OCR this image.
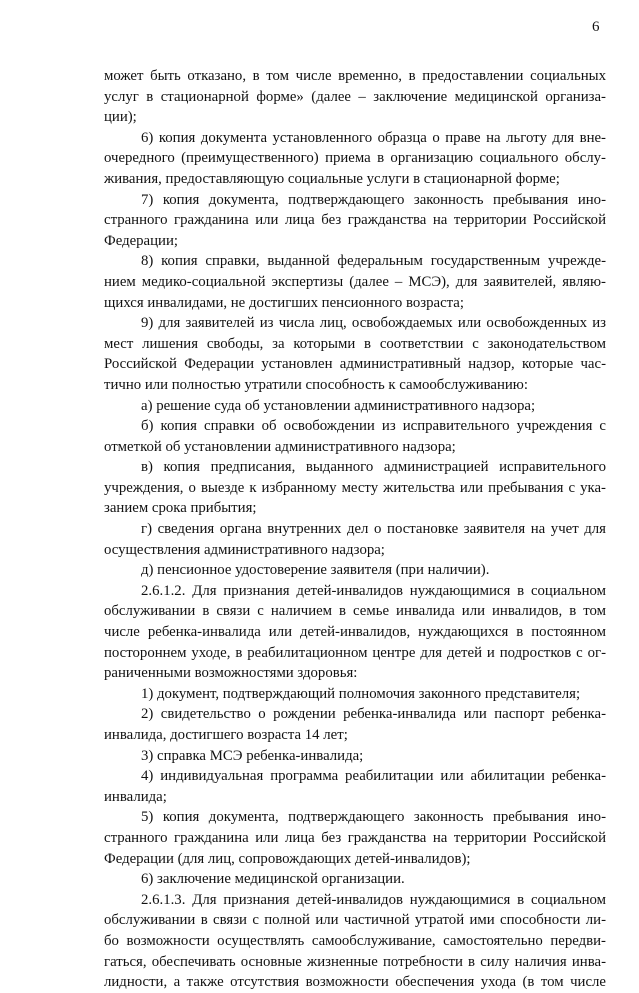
6
может быть отказано, в том числе временно, в предоставлении социальных
услуг в стационарной форме» (далее – заключение медицинской организа-
ции);
6) копия документа установленного образца о праве на льготу для вне-
очередного (преимущественного) приема в организацию социального обслу-
живания, предоставляющую социальные услуги в стационарной форме;
7) копия документа, подтверждающего законность пребывания ино-
странного гражданина или лица без гражданства на территории Российской
Федерации;
8) копия справки, выданной федеральным государственным учрежде-
нием медико-социальной экспертизы (далее – МСЭ), для заявителей, являю-
щихся инвалидами, не достигших пенсионного возраста;
9) для заявителей из числа лиц, освобождаемых или освобожденных из
мест лишения свободы, за которыми в соответствии с законодательством
Российской Федерации установлен административный надзор, которые час-
тично или полностью утратили способность к самообслуживанию:
а) решение суда об установлении административного надзора;
б) копия справки об освобождении из исправительного учреждения с
отметкой об установлении административного надзора;
в) копия предписания, выданного администрацией исправительного
учреждения, о выезде к избранному месту жительства или пребывания с ука-
занием срока прибытия;
г) сведения органа внутренних дел о постановке заявителя на учет для
осуществления административного надзора;
д) пенсионное удостоверение заявителя (при наличии).
2.6.1.2. Для признания детей-инвалидов нуждающимися в социальном
обслуживании в связи с наличием в семье инвалида или инвалидов, в том
числе ребенка-инвалида или детей-инвалидов, нуждающихся в постоянном
постороннем уходе, в реабилитационном центре для детей и подростков с ог-
раниченными возможностями здоровья:
1) документ, подтверждающий полномочия законного представителя;
2) свидетельство о рождении ребенка-инвалида или паспорт ребенка-
инвалида, достигшего возраста 14 лет;
3) справка МСЭ ребенка-инвалида;
4) индивидуальная программа реабилитации или абилитации ребенка-
инвалида;
5) копия документа, подтверждающего законность пребывания ино-
странного гражданина или лица без гражданства на территории Российской
Федерации (для лиц, сопровождающих детей-инвалидов);
6) заключение медицинской организации.
2.6.1.3. Для признания детей-инвалидов нуждающимися в социальном
обслуживании в связи с полной или частичной утратой ими способности ли-
бо возможности осуществлять самообслуживание, самостоятельно передви-
гаться, обеспечивать основные жизненные потребности в силу наличия инва-
лидности, а также отсутствия возможности обеспечения ухода (в том числе
